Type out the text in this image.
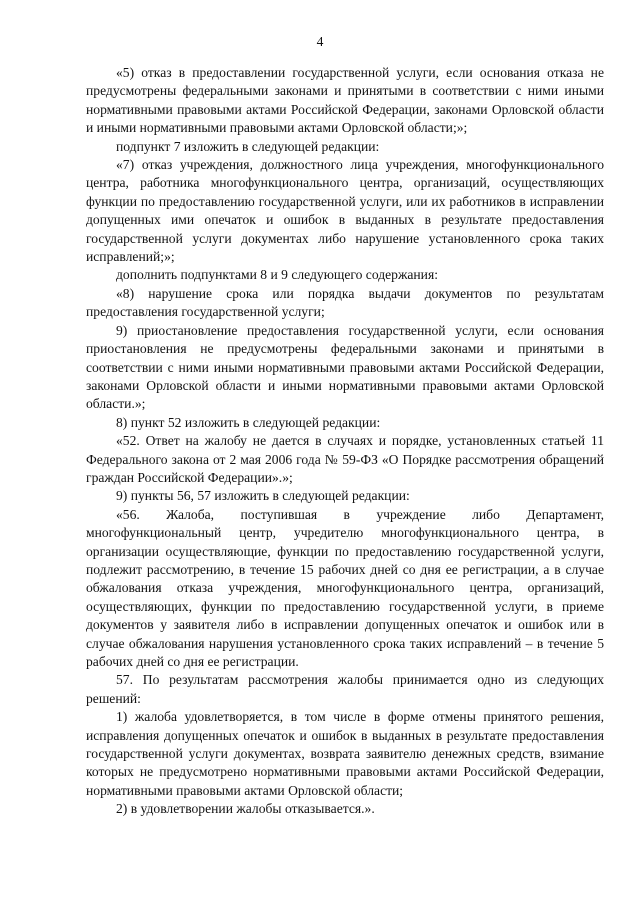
4

«5) отказ в предоставлении государственной услуги, если основания отказа не предусмотрены федеральными законами и принятыми в соответствии с ними иными нормативными правовыми актами Российской Федерации, законами Орловской области и иными нормативными правовыми актами Орловской области;»;

подпункт 7 изложить в следующей редакции:

«7) отказ учреждения, должностного лица учреждения, многофункционального центра, работника многофункционального центра, организаций, осуществляющих функции по предоставлению государственной услуги, или их работников в исправлении допущенных ими опечаток и ошибок в выданных в результате предоставления государственной услуги документах либо нарушение установленного срока таких исправлений;»;

дополнить подпунктами 8 и 9 следующего содержания:

«8) нарушение срока или порядка выдачи документов по результатам предоставления государственной услуги;

9) приостановление предоставления государственной услуги, если основания приостановления не предусмотрены федеральными законами и принятыми в соответствии с ними иными нормативными правовыми актами Российской Федерации, законами Орловской области и иными нормативными правовыми актами Орловской области.»;

8) пункт 52 изложить в следующей редакции:

«52. Ответ на жалобу не дается в случаях и порядке, установленных статьей 11 Федерального закона от 2 мая 2006 года № 59-ФЗ «О Порядке рассмотрения обращений граждан Российской Федерации».»;

9) пункты 56, 57 изложить в следующей редакции:

«56. Жалоба, поступившая в учреждение либо Департамент, многофункциональный центр, учредителю многофункционального центра, в организации осуществляющие, функции по предоставлению государственной услуги, подлежит рассмотрению, в течение 15 рабочих дней со дня ее регистрации, а в случае обжалования отказа учреждения, многофункционального центра, организаций, осуществляющих, функции по предоставлению государственной услуги, в приеме документов у заявителя либо в исправлении допущенных опечаток и ошибок или в случае обжалования нарушения установленного срока таких исправлений – в течение 5 рабочих дней со дня ее регистрации.

57. По результатам рассмотрения жалобы принимается одно из следующих решений:

1) жалоба удовлетворяется, в том числе в форме отмены принятого решения, исправления допущенных опечаток и ошибок в выданных в результате предоставления государственной услуги документах, возврата заявителю денежных средств, взимание которых не предусмотрено нормативными правовыми актами Российской Федерации, нормативными правовыми актами Орловской области;

2) в удовлетворении жалобы отказывается.».
